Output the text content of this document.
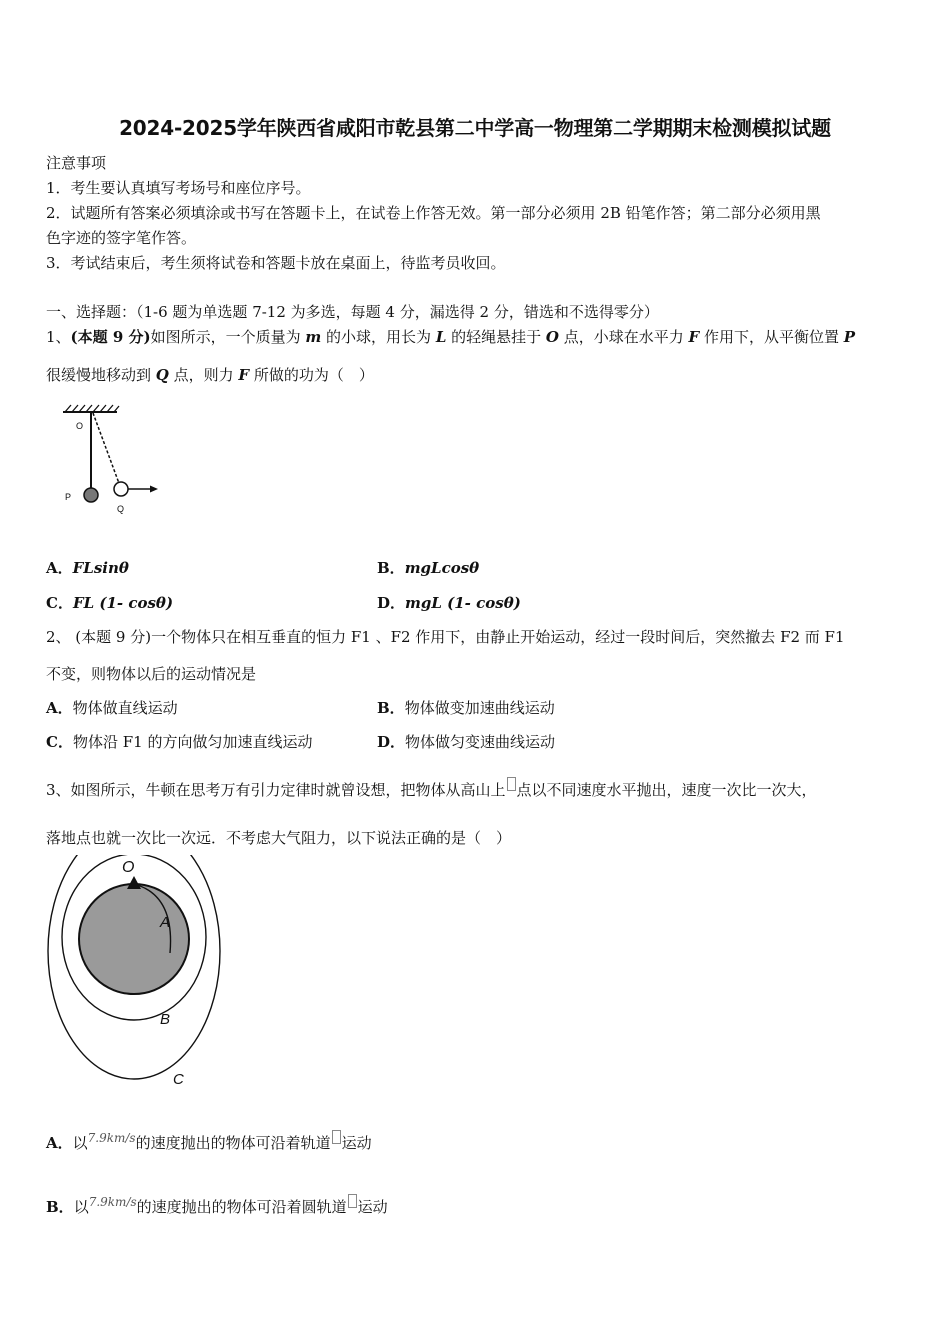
2024-2025学年陕西省咸阳市乾县第二中学高一物理第二学期期末检测模拟试题
注意事项
1．考生要认真填写考场号和座位序号。
2．试题所有答案必须填涂或书写在答题卡上，在试卷上作答无效。第一部分必须用 2B 铅笔作答；第二部分必须用黑
色字迹的签字笔作答。
3．考试结束后，考生须将试卷和答题卡放在桌面上，待监考员收回。
一、选择题：（1-6 题为单选题 7-12 为多选，每题 4 分，漏选得 2 分，错选和不选得零分）
1、(本题 9 分)如图所示，一个质量为 m 的小球，用长为 L 的轻绳悬挂于 O 点，小球在水平力 F 作用下，从平衡位置 P
很缓慢地移动到 Q 点，则力 F 所做的功为（　）
O
P
Q
A．FLsinθ	B．mgLcosθ
C．FL (1- cosθ)	D．mgL (1- cosθ)
2、 (本题 9 分)一个物体只在相互垂直的恒力 F1 、F2 作用下，由静止开始运动，经过一段时间后，突然撤去 F2 而 F1
不变，则物体以后的运动情况是
A．物体做直线运动	B．物体做变加速曲线运动
C．物体沿 F1 的方向做匀加速直线运动	D．物体做匀变速曲线运动
3、如图所示，牛顿在思考万有引力定律时就曾设想，把物体从高山上 点以不同速度水平抛出，速度一次比一次大，
落地点也就一次比一次远．不考虑大气阻力，以下说法正确的是（　）
O
A
B
C
A．以$^{7.9km/s}$的速度抛出的物体可沿着轨道 运动
B．以$^{7.9km/s}$的速度抛出的物体可沿着圆轨道 运动
